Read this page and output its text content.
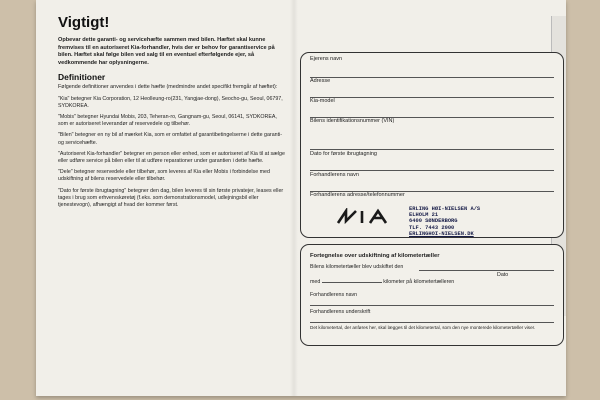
Vigtigt!

Opbevar dette garanti- og servicehæfte sammen med bilen. Hæftet skal kunne fremvises til en autoriseret Kia-forhandler, hvis der er behov for garantiservice på bilen. Hæftet skal følge bilen ved salg til en eventuel efterfølgende ejer, så vedkommende har oplysningerne.

Definitioner

Følgende definitioner anvendes i dette hæfte (medmindre andet specifikt fremgår af hæftet):

"Kia" betegner Kia Corporation, 12 Heolleung-ro(231, Yangjae-dong), Seocho-gu, Seoul, 06797, SYDKOREA.

"Mobis" betegner Hyundai Mobis, 203, Teheran-ro, Gangnam-gu, Seoul, 06141, SYDKOREA, som er autoriseret leverandør af reservedele og tilbehør.

"Bilen" betegner en ny bil af mærket Kia, som er omfattet af garantibetingelserne i dette garanti- og servicehæfte.

"Autoriseret Kia-forhandler" betegner en person eller enhed, som er autoriseret af Kia til at sælge eller udføre service på bilen eller til at udføre reparationer under garantien i dette hæfte.

"Dele" betegner reservedele eller tilbehør, som leveres af Kia eller Mobis i forbindelse med udskiftning af bilens reservedele eller tilbehør.

"Dato for første ibrugtagning" betegner den dag, bilen leveres til sin første privatejer, leases eller tages i brug som erhvervskøretøj (f.eks. som demonstrationsmodel, udlejningsbil eller tjenestevogn), afhængigt af hvad der kommer først.

Ejerens navn
Adresse
Kia-model
Bilens identifikationsnummer (VIN)
Dato for første ibrugtagning
Forhandlerens navn
Forhandlerens adresse/telefonnummer
ERLING HØI-NIELSEN A/S
ELHOLM 21
6400 SØNDERBORG
TLF. 7443 2000
ERLINGHOI-NIELSEN.DK
Fortegnelse over udskiftning af kilometertæller
Bilens kilometertæller blev udskiftet den
Dato
med	kilometer på kilometertælleren
Forhandlerens navn
Forhandlerens underskrift
Det kilometertal, der anføres her, skal lægges til det kilometertal, som den nye monterede kilometertæller viser.
